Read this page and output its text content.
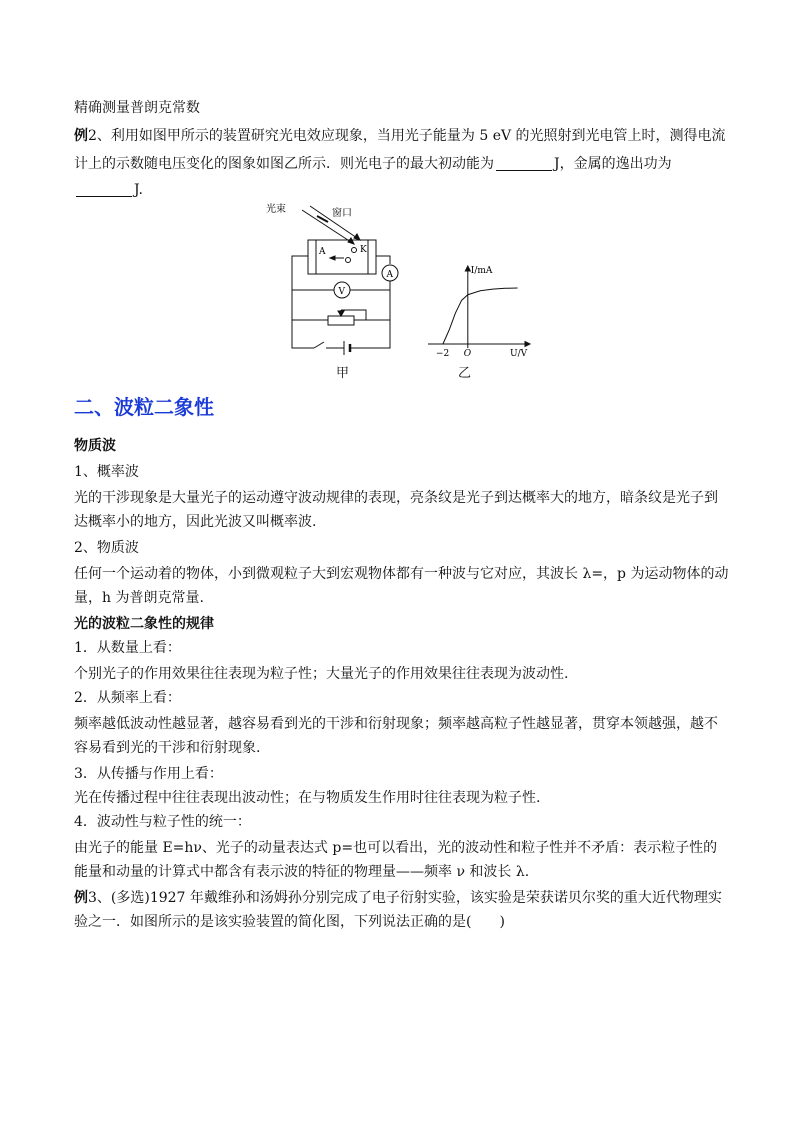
精确测量普朗克常数
例2、利用如图甲所示的装置研究光电效应现象，当用光子能量为 5 eV 的光照射到光电管上时，测得电流
计上的示数随电压变化的图象如图乙所示．则光电子的最大初动能为	J，金属的逸出功为
J.
光束	窗口
A	K
A
V
甲
I/mA
U/V
−2 O
乙
二、波粒二象性
物质波
1、概率波
光的干涉现象是大量光子的运动遵守波动规律的表现，亮条纹是光子到达概率大的地方，暗条纹是光子到
达概率小的地方，因此光波又叫概率波.
2、物质波
任何一个运动着的物体，小到微观粒子大到宏观物体都有一种波与它对应，其波长 λ=，p 为运动物体的动
量，h 为普朗克常量.
光的波粒二象性的规律
1．从数量上看：
个别光子的作用效果往往表现为粒子性；大量光子的作用效果往往表现为波动性.
2．从频率上看：
频率越低波动性越显著，越容易看到光的干涉和衍射现象；频率越高粒子性越显著，贯穿本领越强，越不
容易看到光的干涉和衍射现象.
3．从传播与作用上看：
光在传播过程中往往表现出波动性；在与物质发生作用时往往表现为粒子性.
4．波动性与粒子性的统一：
由光子的能量 E=hν、光子的动量表达式 p=也可以看出，光的波动性和粒子性并不矛盾：表示粒子性的
能量和动量的计算式中都含有表示波的特征的物理量——频率 ν 和波长 λ.
例3、(多选)1927 年戴维孙和汤姆孙分别完成了电子衍射实验，该实验是荣获诺贝尔奖的重大近代物理实
验之一．如图所示的是该实验装置的简化图，下列说法正确的是(　　)
